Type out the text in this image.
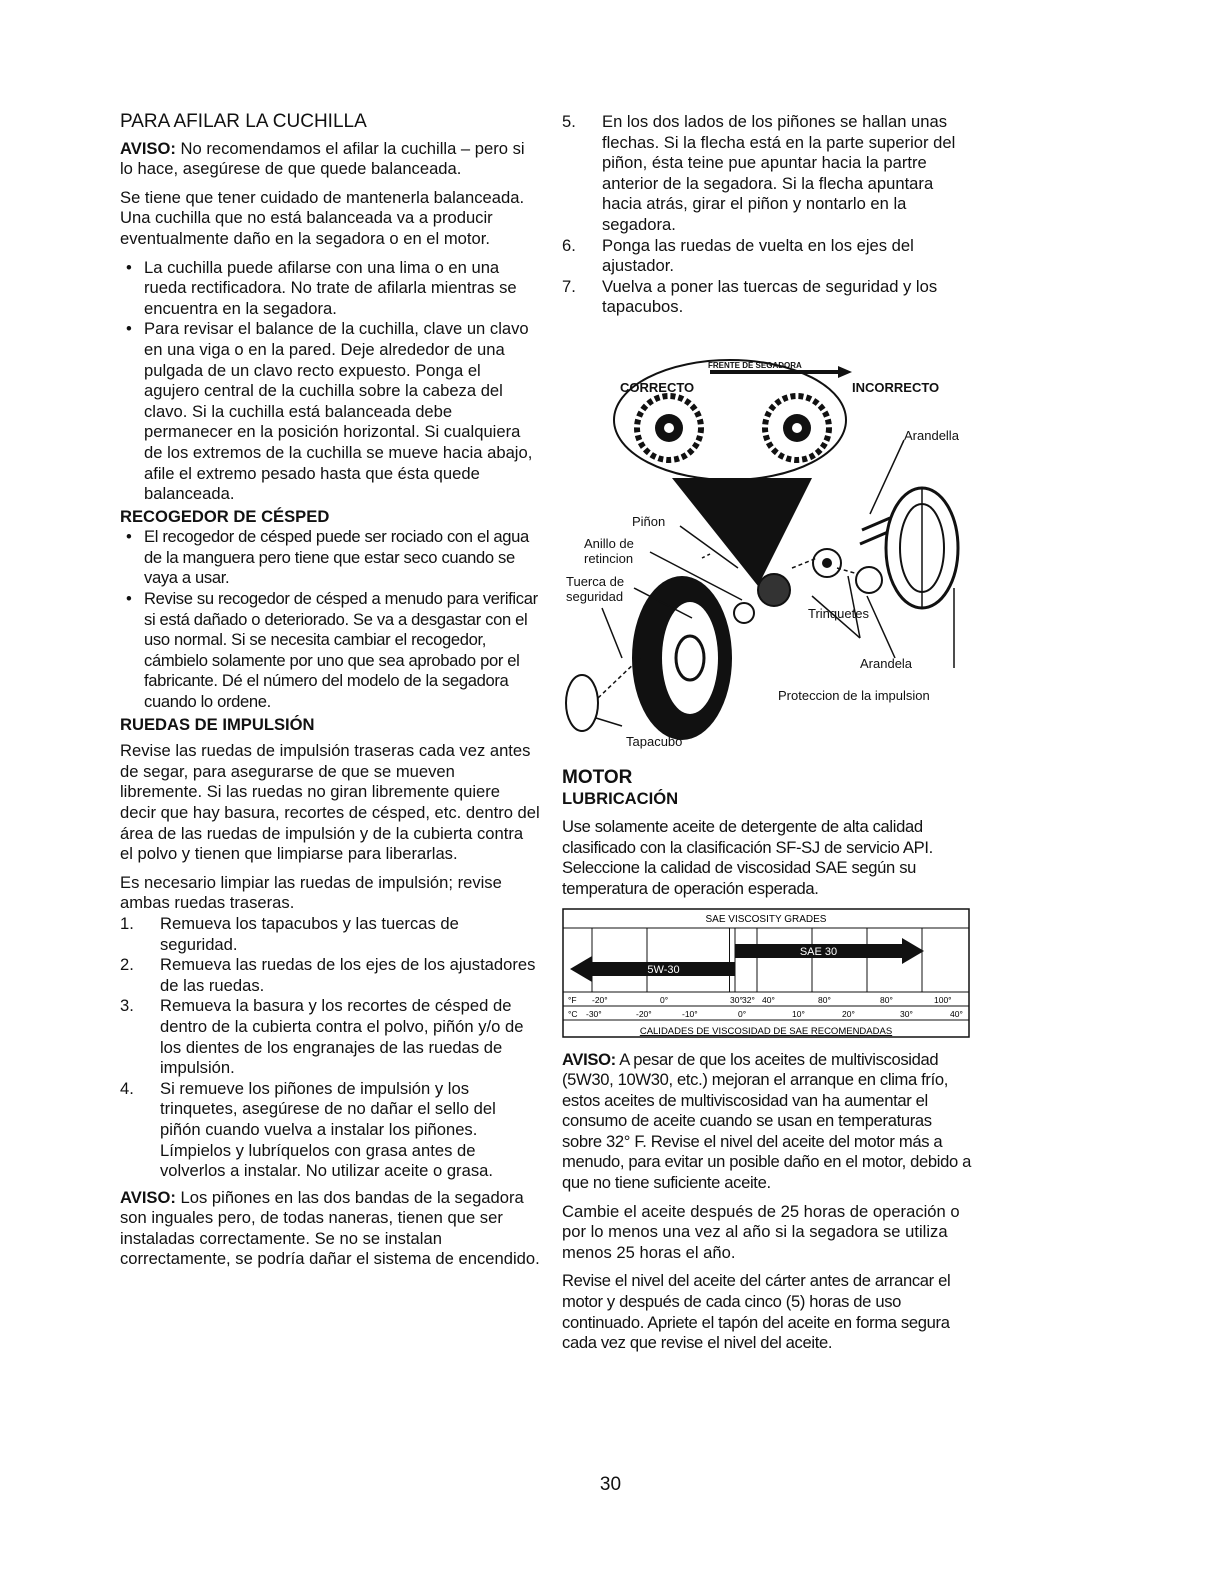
PARA AFILAR LA CUCHILLA

AVISO: No recomendamos el afilar la cuchilla – pero si lo hace, asegúrese de que quede balanceada.

Se tiene que tener cuidado de mantenerla balanceada. Una cuchilla que no está balanceada va a producir eventualmente daño en la segadora o en el motor.

• La cuchilla puede afilarse con una lima o en una rueda rectificadora. No trate de afilarla mientras se encuentra en la segadora.
• Para revisar el balance de la cuchilla, clave un clavo en una viga o en la pared. Deje alrededor de una pulgada de un clavo recto expuesto. Ponga el agujero central de la cuchilla sobre la cabeza del clavo. Si la cuchilla está balanceada debe permanecer en la posición horizontal. Si cualquiera de los extremos de la cuchilla se mueve hacia abajo, afile el extremo pesado hasta que ésta quede balanceada.
RECOGEDOR DE CÉSPED
• El recogedor de césped puede ser rociado con el agua de la manguera pero tiene que estar seco cuando se vaya a usar.
• Revise su recogedor de césped a menudo para verificar si está dañado o deteriorado. Se va a desgastar con el uso normal. Si se necesita cambiar el recogedor, cámbielo solamente por uno que sea aprobado por el fabricante. Dé el número del modelo de la segadora cuando lo ordene.
RUEDAS DE IMPULSIÓN

Revise las ruedas de impulsión traseras cada vez antes de segar, para asegurarse de que se mueven libremente. Si las ruedas no giran libremente quiere decir que hay basura, recortes de césped, etc. dentro del área de las ruedas de impulsión y de la cubierta contra el polvo y tienen que limpiarse para liberarlas.

Es necesario limpiar las ruedas de impulsión; revise ambas ruedas traseras.

1. Remueva los tapacubos y las tuercas de seguridad.
2. Remueva las ruedas de los ejes de los ajustadores de las ruedas.
3. Remueva la basura y los recortes de césped de dentro de la cubierta contra el polvo, piñón y/o de los dientes de los engranajes de las ruedas de impulsión.
4. Si remueve los piñones de impulsión y los trinquetes, asegúrese de no dañar el sello del piñón cuando vuelva a instalar los piñones. Límpielos y lubríquelos con grasa antes de volverlos a instalar. No utilizar aceite o grasa.

AVISO: Los piñones en las dos bandas de la segadora son inguales pero, de todas naneras, tienen que ser instaladas correctamente. Se no se instalan correctamente, se podría dañar el sistema de encendido.

5. En los dos lados de los piñones se hallan unas flechas. Si la flecha está en la parte superior del piñon, ésta teine pue apuntar hacia la partre anterior de la segadora. Si la flecha apuntara hacia atrás, girar el piñon y nontarlo en la segadora.
6. Ponga las ruedas de vuelta en los ejes del ajustador.
7. Vuelva a poner las tuercas de seguridad y los tapacubos.
CORRECTO	INCORRECTO
FRENTE DE SEGADORA
Arandella
Piñon
Anillo de retincion
Tuerca de seguridad
Trinquetes
Arandela
Proteccion de la impulsion
Tapacubo
MOTOR
LUBRICACIÓN

Use solamente aceite de detergente de alta calidad clasificado con la clasificación SF-SJ de servicio API. Seleccione la calidad de viscosidad SAE según su temperatura de operación esperada.

SAE VISCOSITY GRADES
SAE 30
5W-30
°F -20°	0°	30° 32° 40°	80°	80°	100°
°C -30°	-20°	-10°	0°	10°	20°	30°	40°
CALIDADES DE VISCOSIDAD DE SAE RECOMENDADAS

AVISO: A pesar de que los aceites de multiviscosidad (5W30, 10W30, etc.) mejoran el arranque en clima frío, estos aceites de multiviscosidad van ha aumentar el consumo de aceite cuando se usan en temperaturas sobre 32° F. Revise el nivel del aceite del motor más a menudo, para evitar un posible daño en el motor, debido a que no tiene suficiente aceite.

Cambie el aceite después de 25 horas de operación o por lo menos una vez al año si la segadora se utiliza menos 25 horas el año.

Revise el nivel del aceite del cárter antes de arrancar el motor y después de cada cinco (5) horas de uso continuado. Apriete el tapón del aceite en forma segura cada vez que revise el nivel del aceite.

30
